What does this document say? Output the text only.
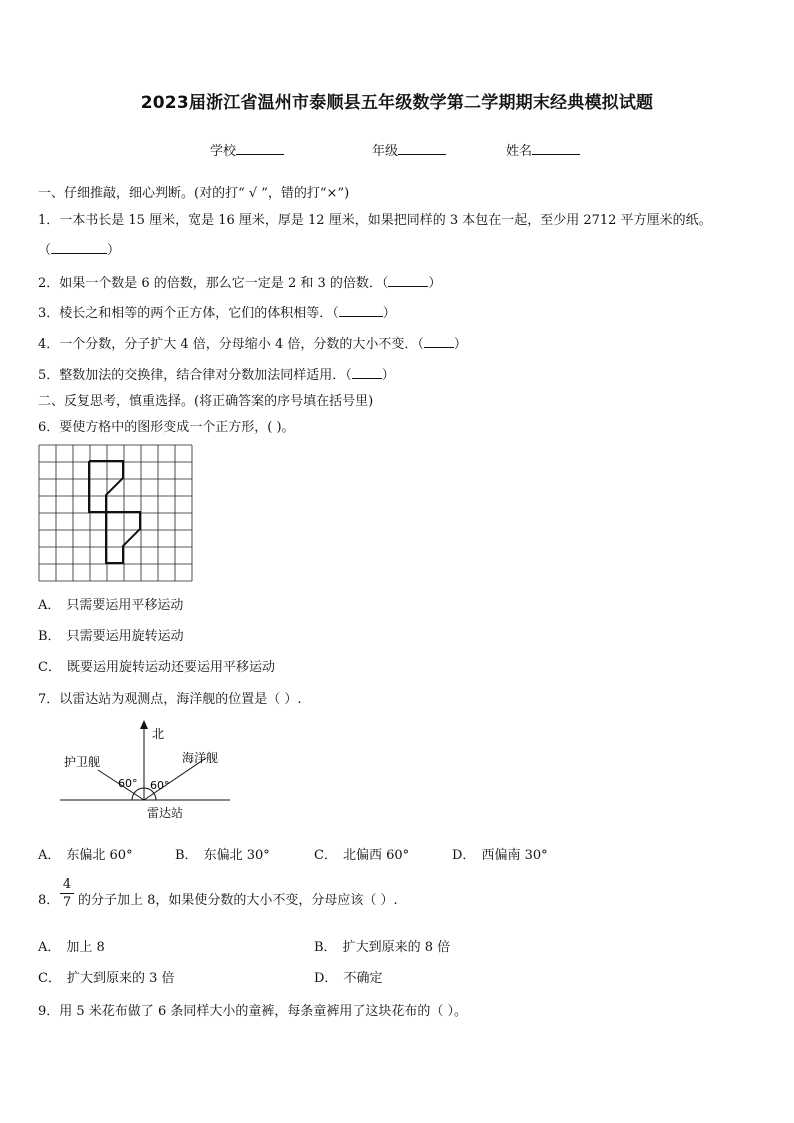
2023届浙江省温州市泰顺县五年级数学第二学期期末经典模拟试题
学校	年级	姓名
一、仔细推敲，细心判断。(对的打“ √ ”，错的打“×”)
1．一本书长是 15 厘米，宽是 16 厘米，厚是 12 厘米，如果把同样的 3 本包在一起，至少用 2712 平方厘米的纸。
（	）
2．如果一个数是 6 的倍数，那么它一定是 2 和 3 的倍数．（	）
3．棱长之和相等的两个正方体，它们的体积相等．（	）
4．一个分数，分子扩大 4 倍，分母缩小 4 倍，分数的大小不变．（ ）
5．整数加法的交换律，结合律对分数加法同样适用．（ ）
二、反复思考，慎重选择。(将正确答案的序号填在括号里)
6．要使方格中的图形变成一个正方形，( )。
A． 只需要运用平移运动
B． 只需要运用旋转运动
C． 既要运用旋转运动还要运用平移运动
7．以雷达站为观测点，海洋舰的位置是（ ）.
北
护卫舰	海洋舰
60° 60°
雷达站
A． 东偏北 60°	B． 东偏北 30°	C． 北偏西 60°	D． 西偏南 30°
8．
4
7 的分子加上 8，如果使分数的大小不变，分母应该（ ）.
A． 加上 8	B． 扩大到原来的 8 倍
C． 扩大到原来的 3 倍	D． 不确定
9．用 5 米花布做了 6 条同样大小的童裤，每条童裤用了这块花布的（ ）。
